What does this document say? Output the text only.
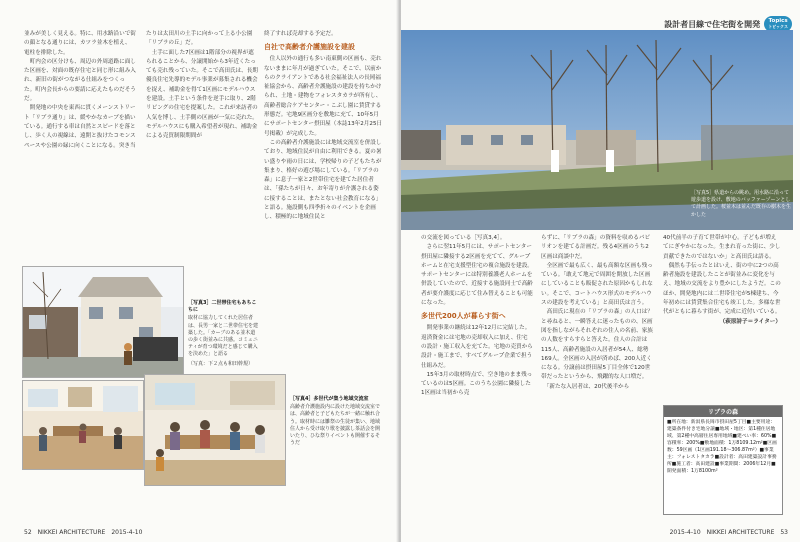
並みが美しく見える。特に、用水路沿いで街の顔となる通りには、カツラ並木を植え、電柱を排除した。
　町内会の区分けも、周辺の外周道路に面した区画を、対面の既存住宅と同じ形に組み入れ、新旧の街がつながる仕組みをつくった。町内会長からの要請に応えたものだそうだ。
　開発地の中央を東西に貫くメーンストリート「リブラ通り」は、緩やかなカーブを描いている。通行する車は自然とスピードを落とし、歩く人の視線は、遠開と抜けたコモンスペースや公園の緑に向くことになる。突き当

たりは太田川の土手に向かって上る小公園「リブラの丘」だ。
　土手に面した7区画は1階部分の視界が遮られることから、分譲開始から3年近くたっても売れ残っていた。そこで高田氏は、長期優良住宅先導的モデル事業が募集される機会を捉え、補助金を得て1区画にモデルハウスを建設。土手という条件を逆手に取り、2階リビングの住宅を提案した。これが来訪者の人気を博し、土手側の区画が一気に売れた。モデルハウスにも購入希望者が現れ、補助金による売買制限期間が

終了すれば売却する予定だ。

自社で高齢者介護施設を建設

　住人以外の通行も多い南東側の区画も、売れないままに年月が過ぎていた。そこで、以前からのクライアントである社会福祉法人の長岡福祉協会から、高齢者介護施設の建設を持ちかけられ、土地・建物をフォレスタカラが所有し、高齢者総合ケアセンター・こぶし園に賃貸する形態だ。宅地9区画分を敷地に充て、10年5月にサポートセンター摂田屋（本誌13年2月25日号掲載）が完成した。
　この高齢者介護施設には地域交流室を併設しており、地域住民が自由に利用できる。夏の暑い盛りや雨の日には、学校帰りの子どもたちが集まり、格好の遊び場にしている。「リブラの森」に息子一家と2世帯住宅を建てた居住者は、「孫たちが日々、お年寄りが介護される姿に接することは、またとない社会教育になる」と語る。施設側も四季折々のイベントを企画し、積極的に地域住民と

［写真3］二世帯住宅もあちこちに
取材に協力してくれた居住者は、長男一家と二世帯住宅を建築した。「カーブのある並木道の歩く街並みに共感。コミュニティが育つ環境だと感じて購入を決めた」と語る
（写真：下２点も和田幹規）
［写真4］多世代が集う地域交流室
高齢者介護施設内に設けた地域交流室では、高齢者と子どもたちが一緒に触れ合う。取材時には雛祭の生徒が集い、地域住人から受け取り歌を披露し茶話会を開いたり、ひな祭りイベントも開催するそうだ
52　NIKKEI ARCHITECTURE　2015-4-10
設計者目線で住宅街を開発	Topics
トピックス
［写真5］県道からの眺め。用水路に沿って遊歩道を設け、敷地のバッファーゾーンとして計画した。桜並木は並んだ既存の樹木を生かした

の交流を図っている［写真3,4］。
　さらに翌11年5月には、サポートセンター摂田屋に隣接する2区画を充てて、グループホームと在宅支援型住宅の複合施設を建設。サポートセンターには特別養護老人ホームを併設していたので、近接する施設同士で高齢者が要介護度に応じて住み替えることも可能になった。

多世代200人が暮らす街へ

　開発事業の継続は12年12月に完結した。返済資金には宅地の売却収入に加え、住宅の設計・施工収入を充てた。宅地の売買から設計・施工まで、すべてグループ企業で担う仕組みだ。
　15年3月の取材時点で、空き地のまま残っているのは5区画。このうち公園に隣接した1区画は当初から売

らずに、「リブラの森」の資料を収めるパビリオンを建てる計画だ。残る4区画のうち2区画は商談中だ。
　全区画で最も広く、最も高額な区画も残っている。「敢えて地元で周囲を開放した区画にしていることも販促された原因かもしれない。そこで、コートハウス形式のモデルハウスの建設を考えている」と高田氏は言う。
　高田氏に現在の「リブラの森」の人口は？と尋ねると、一瞬答えに迷ったものの、区画図を指しながらそれぞれの住人の名前、家族の人数をすらすらと答えた。住人の合計は115人、高齢者施設の入居者が54人、総勢169人。全区画の入居が済めば、200人近くになる。分譲前は摂田屋5丁目全体で120世帯だったというから、飛躍的な人口増だ。
　「新たな入居者は、20代後半から

40代前半の子育て世帯が中心。子どもが増えてにぎやかになった。生まれ育った街に、少し貢献できたのではないか」と高田氏は語る。
　偶然も手伝ったとはいえ、街の中に2つの高齢者施設を建設したことが街並みに変化を与え、地域の交流をより豊かにしたようだ。このほか、開発地内には二世帯住宅が5棟建ち、今年初めには賃貸集合住宅も竣工した。多様な世代がともに暮らす街が、完成に近付いている。

（萩原詩子＝ライター）

リブラの森
■所在地：新潟県長岡市摂田屋5丁目■主要用途：建築条件付き宅地分譲■地域・地区：第1種住居地域、第2種中高層住居専用地域■建ぺい率：60%■容積率：200%■敷地面積：1万8109.12m²■区画数：59区画（1区画191.18〜306.87m²）■事業主：フォレストタカラ■設計者：高田建築設計事務所■施工者：高田建設■事業期間：2006年12月■開発面積：1万8100m²
2015-4-10　NIKKEI ARCHITECTURE　53
